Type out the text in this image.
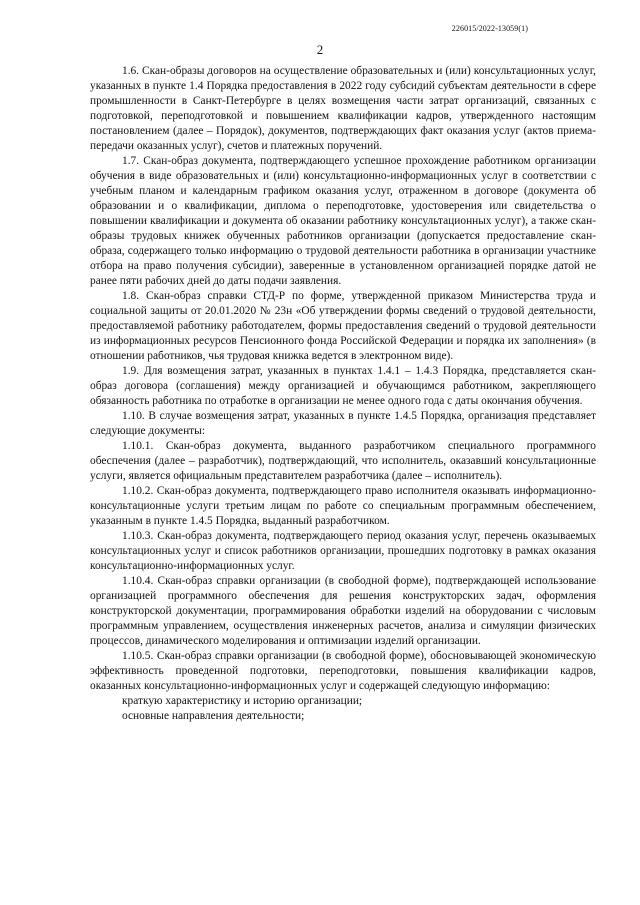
226015/2022-13059(1)
2

1.6. Скан-образы договоров на осуществление образовательных и (или) консультационных услуг, указанных в пункте 1.4 Порядка предоставления в 2022 году субсидий субъектам деятельности в сфере промышленности в Санкт-Петербурге в целях возмещения части затрат организаций, связанных с подготовкой, переподготовкой и повышением квалификации кадров, утвержденного настоящим постановлением (далее – Порядок), документов, подтверждающих факт оказания услуг (актов приема-передачи оказанных услуг), счетов и платежных поручений.

1.7. Скан-образ документа, подтверждающего успешное прохождение работником организации обучения в виде образовательных и (или) консультационно-информационных услуг в соответствии с учебным планом и календарным графиком оказания услуг, отраженном в договоре (документа об образовании и о квалификации, диплома о переподготовке, удостоверения или свидетельства о повышении квалификации и документа об оказании работнику консультационных услуг), а также скан-образы трудовых книжек обученных работников организации (допускается предоставление скан-образа, содержащего только информацию о трудовой деятельности работника в организации участнике отбора на право получения субсидии), заверенные в установленном организацией порядке датой не ранее пяти рабочих дней до даты подачи заявления.

1.8. Скан-образ справки СТД-Р по форме, утвержденной приказом Министерства труда и социальной защиты от 20.01.2020 № 23н «Об утверждении формы сведений о трудовой деятельности, предоставляемой работнику работодателем, формы предоставления сведений о трудовой деятельности из информационных ресурсов Пенсионного фонда Российской Федерации и порядка их заполнения» (в отношении работников, чья трудовая книжка ведется в электронном виде).

1.9. Для возмещения затрат, указанных в пунктах 1.4.1 – 1.4.3 Порядка, представляется скан-образ договора (соглашения) между организацией и обучающимся работником, закрепляющего обязанность работника по отработке в организации не менее одного года с даты окончания обучения.

1.10. В случае возмещения затрат, указанных в пункте 1.4.5 Порядка, организация представляет следующие документы:

1.10.1. Скан-образ документа, выданного разработчиком специального программного обеспечения (далее – разработчик), подтверждающий, что исполнитель, оказавший консультационные услуги, является официальным представителем разработчика (далее – исполнитель).

1.10.2. Скан-образ документа, подтверждающего право исполнителя оказывать информационно-консультационные услуги третьим лицам по работе со специальным программным обеспечением, указанным в пункте 1.4.5 Порядка, выданный разработчиком.

1.10.3. Скан-образ документа, подтверждающего период оказания услуг, перечень оказываемых консультационных услуг и список работников организации, прошедших подготовку в рамках оказания консультационно-информационных услуг.

1.10.4. Скан-образ справки организации (в свободной форме), подтверждающей использование организацией программного обеспечения для решения конструкторских задач, оформления конструкторской документации, программирования обработки изделий на оборудовании с числовым программным управлением, осуществления инженерных расчетов, анализа и симуляции физических процессов, динамического моделирования и оптимизации изделий организации.

1.10.5. Скан-образ справки организации (в свободной форме), обосновывающей экономическую эффективность проведенной подготовки, переподготовки, повышения квалификации кадров, оказанных консультационно-информационных услуг и содержащей следующую информацию:

краткую характеристику и историю организации;

основные направления деятельности;
